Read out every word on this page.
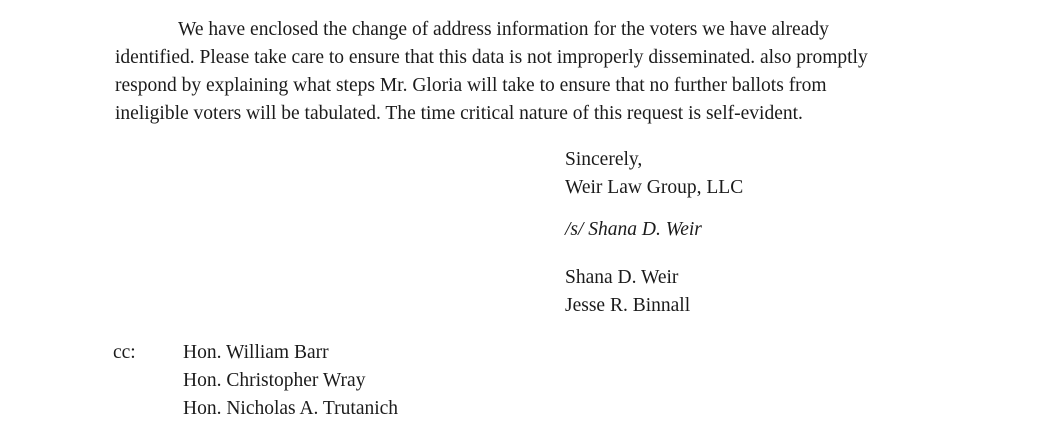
We have enclosed the change of address information for the voters we have already
identified. Please take care to ensure that this data is not improperly disseminated. also promptly
respond by explaining what steps Mr. Gloria will take to ensure that no further ballots from
ineligible voters will be tabulated. The time critical nature of this request is self-evident.
Sincerely,
Weir Law Group, LLC
/s/ Shana D. Weir
Shana D. Weir
Jesse R. Binnall
cc:	Hon. William Barr
Hon. Christopher Wray
Hon. Nicholas A. Trutanich
